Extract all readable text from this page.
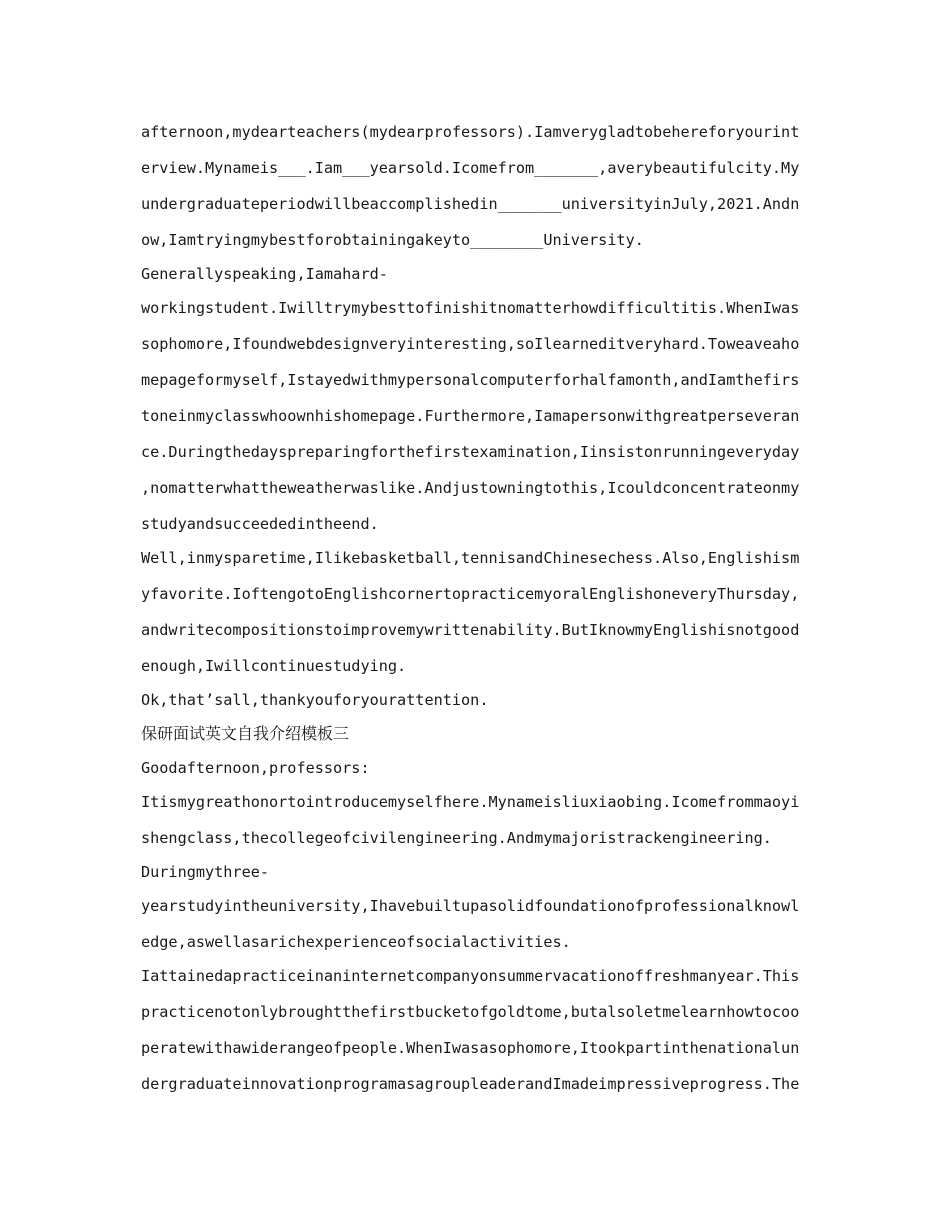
afternoon,mydearteachers(mydearprofessors).Iamverygladtobehereforyourint
erview.Mynameis___.Iam___yearsold.Icomefrom_______,averybeautifulcity.My
undergraduateperiodwillbeaccomplishedin_______universityinJuly,2021.Andn
ow,Iamtryingmybestforobtainingakeyto________University.
Generallyspeaking,Iamahard-
workingstudent.Iwilltrymybesttofinishitnomatterhowdifficultitis.WhenIwas
sophomore,Ifoundwebdesignveryinteresting,soIlearneditveryhard.Toweaveaho
mepageformyself,Istayedwithmypersonalcomputerforhalfamonth,andIamthefirs
toneinmyclasswhoownhishomepage.Furthermore,Iamapersonwithgreatperseveran
ce.Duringthedayspreparingforthefirstexamination,Iinsistonrunningeveryday
,nomatterwhattheweatherwaslike.Andjustowningtothis,Icouldconcentrateonmy
studyandsucceededintheend.
Well,inmysparetime,Ilikebasketball,tennisandChinesechess.Also,Englishism
yfavorite.IoftengotoEnglishcornertopracticemyoralEnglishoneveryThursday,
andwritecompositionstoimprovemywrittenability.ButIknowmyEnglishisnotgood
enough,Iwillcontinuestudying.
Ok,that’sall,thankyouforyourattention.
保研面试英文自我介绍模板三
Goodafternoon,professors:
Itismygreathonortointroducemyselfhere.Mynameisliuxiaobing.Icomefrommaoyi
shengclass,thecollegeofcivilengineering.Andmymajoristrackengineering.
Duringmythree-
yearstudyintheuniversity,Ihavebuiltupasolidfoundationofprofessionalknowl
edge,aswellasarichexperienceofsocialactivities.
Iattainedapracticeinaninternetcompanyonsummervacationoffreshmanyear.This
practicenotonlybroughtthefirstbucketofgoldtome,butalsoletmelearnhowtocoo
peratewithawiderangeofpeople.WhenIwasasophomore,Itookpartinthenationalun
dergraduateinnovationprogramasagroupleaderandImadeimpressiveprogress.The
